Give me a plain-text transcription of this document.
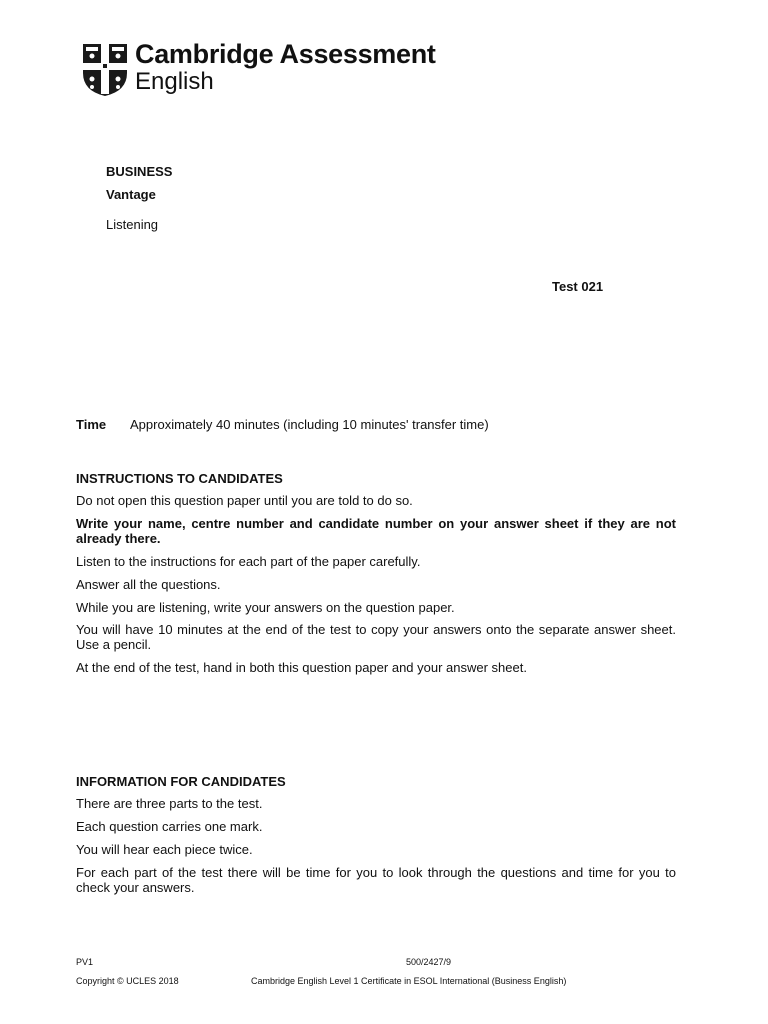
Cambridge Assessment
English
BUSINESS
Vantage
Listening
Test 021
Time Approximately 40 minutes (including 10 minutes' transfer time)
INSTRUCTIONS TO CANDIDATES
Do not open this question paper until you are told to do so.
Write your name, centre number and candidate number on your answer sheet if they are not already there.
Listen to the instructions for each part of the paper carefully.
Answer all the questions.
While you are listening, write your answers on the question paper.
You will have 10 minutes at the end of the test to copy your answers onto the separate answer sheet. Use a pencil.
At the end of the test, hand in both this question paper and your answer sheet.
INFORMATION FOR CANDIDATES
There are three parts to the test.
Each question carries one mark.
You will hear each piece twice.
For each part of the test there will be time for you to look through the questions and time for you to check your answers.
PV1	500/2427/9
Copyright © UCLES 2018	Cambridge English Level 1 Certificate in ESOL International (Business English)
